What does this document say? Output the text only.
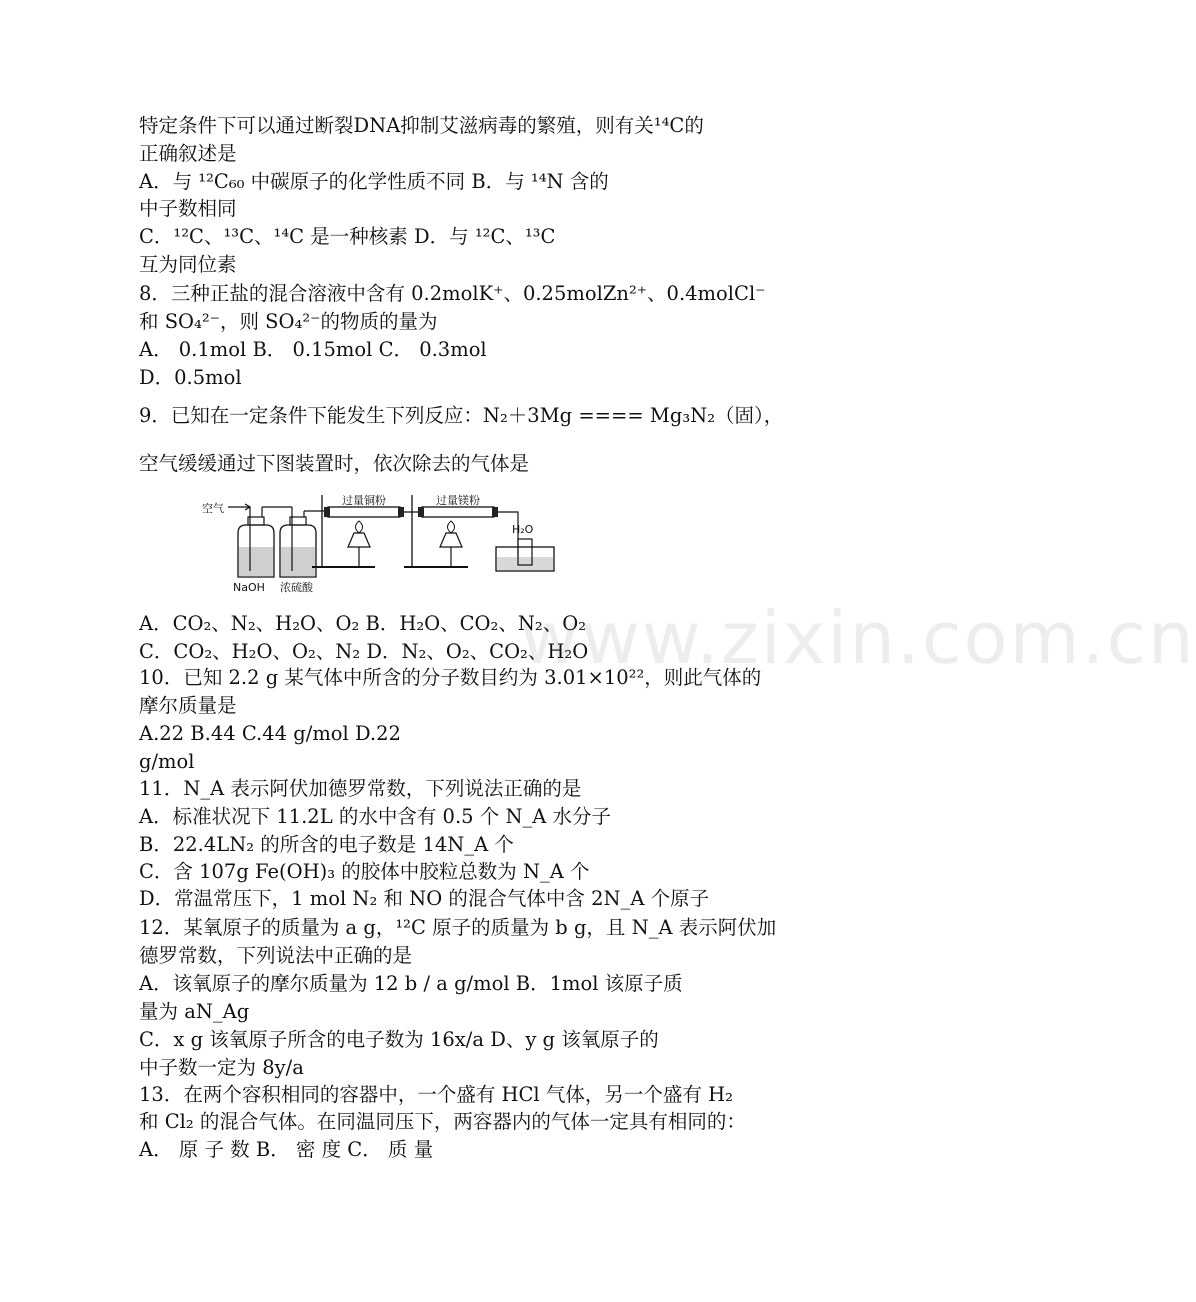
www.zixin.com.cn
特定条件下可以通过断裂DNA抑制艾滋病毒的繁殖，则有关¹⁴C的
正确叙述是
A．与 ¹²C₆₀ 中碳原子的化学性质不同 B．与 ¹⁴N 含的
中子数相同
C．¹²C、¹³C、¹⁴C 是一种核素 D．与 ¹²C、¹³C
互为同位素
8．三种正盐的混合溶液中含有 0.2molK⁺、0.25molZn²⁺、0.4molCl⁻
和 SO₄²⁻，则 SO₄²⁻的物质的量为
A． 0.1mol B． 0.15mol C． 0.3mol
D．0.5mol
9．已知在一定条件下能发生下列反应：N₂＋3Mg ==== Mg₃N₂（固），
空气缓缓通过下图装置时，依次除去的气体是
空气
NaOH 浓硫酸
过量铜粉	过量镁粉
H₂O
A．CO₂、N₂、H₂O、O₂ B．H₂O、CO₂、N₂、O₂
C．CO₂、H₂O、O₂、N₂ D．N₂、O₂、CO₂、H₂O
10．已知 2.2 g 某气体中所含的分子数目约为 3.01×10²²，则此气体的
摩尔质量是
A.22 B.44 C.44 g/mol D.22
g/mol
11．N_A 表示阿伏加德罗常数，下列说法正确的是
A．标准状况下 11.2L 的水中含有 0.5 个 N_A 水分子
B．22.4LN₂ 的所含的电子数是 14N_A 个
C．含 107g Fe(OH)₃ 的胶体中胶粒总数为 N_A 个
D．常温常压下，1 mol N₂ 和 NO 的混合气体中含 2N_A 个原子
12．某氧原子的质量为 a g，¹²C 原子的质量为 b g，且 N_A 表示阿伏加
德罗常数，下列说法中正确的是
A．该氧原子的摩尔质量为 12 b / a g/mol B．1mol 该原子质
量为 aN_Ag
C．x g 该氧原子所含的电子数为 16x/a D、y g 该氧原子的
中子数一定为 8y/a
13．在两个容积相同的容器中，一个盛有 HCl 气体，另一个盛有 H₂
和 Cl₂ 的混合气体。在同温同压下，两容器内的气体一定具有相同的：
A． 原 子 数 B． 密 度 C． 质 量
